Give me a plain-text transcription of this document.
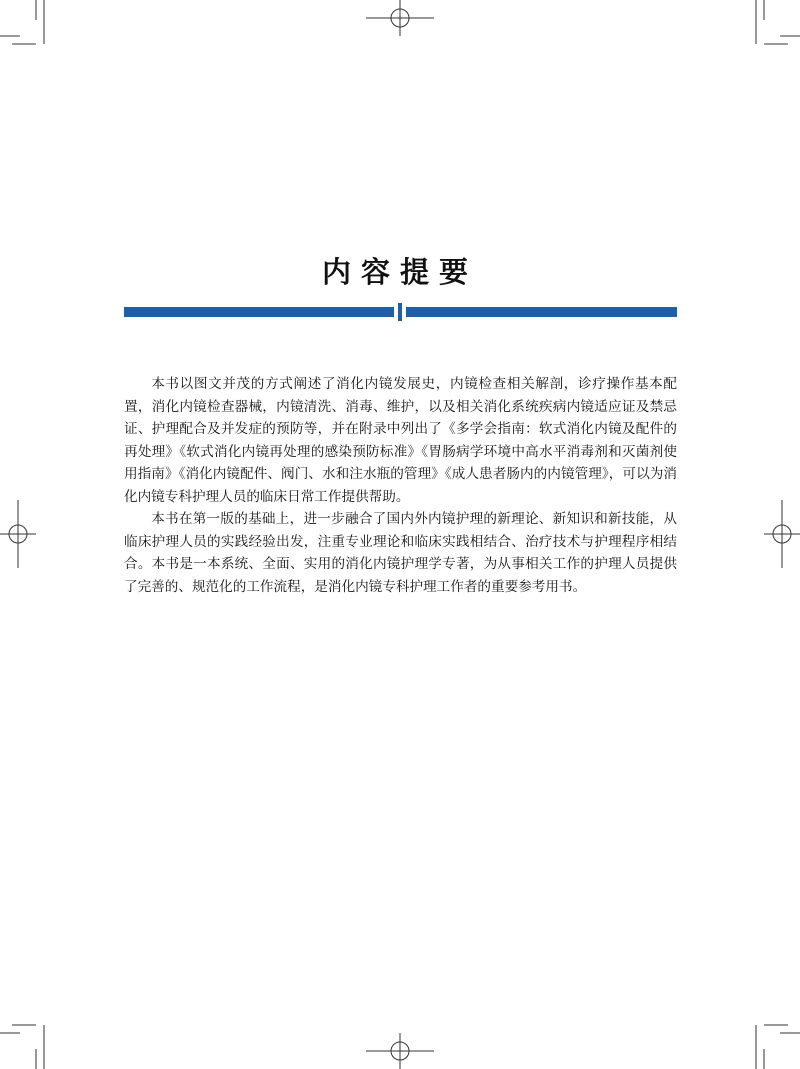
内容提要

本书以图文并茂的方式阐述了消化内镜发展史，内镜检查相关解剖，诊疗操作基本配置，消化内镜检查器械，内镜清洗、消毒、维护，以及相关消化系统疾病内镜适应证及禁忌证、护理配合及并发症的预防等，并在附录中列出了《多学会指南：软式消化内镜及配件的再处理》《软式消化内镜再处理的感染预防标准》《胃肠病学环境中高水平消毒剂和灭菌剂使用指南》《消化内镜配件、阀门、水和注水瓶的管理》《成人患者肠内的内镜管理》，可以为消化内镜专科护理人员的临床日常工作提供帮助。

本书在第一版的基础上，进一步融合了国内外内镜护理的新理论、新知识和新技能，从临床护理人员的实践经验出发，注重专业理论和临床实践相结合、治疗技术与护理程序相结合。本书是一本系统、全面、实用的消化内镜护理学专著，为从事相关工作的护理人员提供了完善的、规范化的工作流程，是消化内镜专科护理工作者的重要参考用书。
